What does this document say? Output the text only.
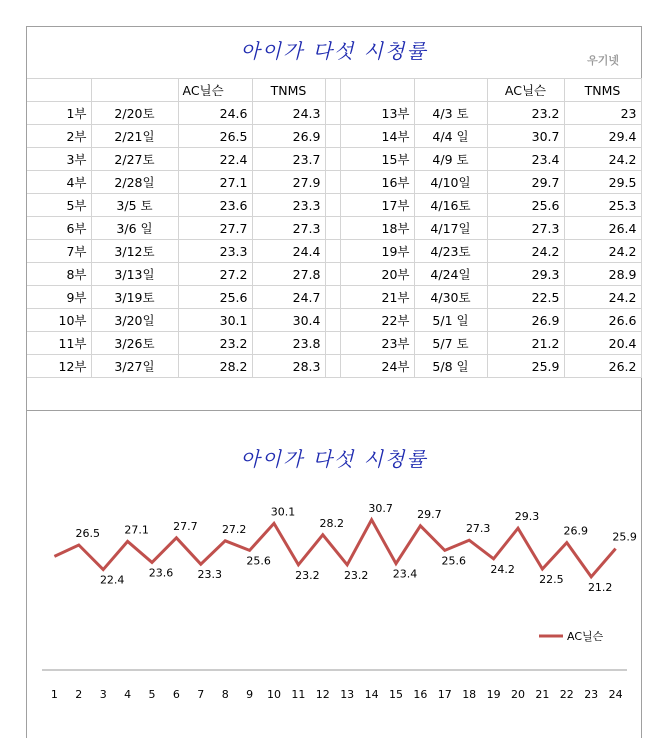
아이가 다섯 시청률	우기넷
		AC닐슨	TNMS				AC닐슨	TNMS
1부	2/20토	24.6	24.3		13부	4/3 토	23.2	23
2부	2/21일	26.5	26.9		14부	4/4 일	30.7	29.4
3부	2/27토	22.4	23.7		15부	4/9 토	23.4	24.2
4부	2/28일	27.1	27.9		16부	4/10일	29.7	29.5
5부	3/5 토	23.6	23.3		17부	4/16토	25.6	25.3
6부	3/6 일	27.7	27.3		18부	4/17일	27.3	26.4
7부	3/12토	23.3	24.4		19부	4/23토	24.2	24.2
8부	3/13일	27.2	27.8		20부	4/24일	29.3	28.9
9부	3/19토	25.6	24.7		21부	4/30토	22.5	24.2
10부	3/20일	30.1	30.4		22부	5/1 일	26.9	26.6
11부	3/26토	23.2	23.8		23부	5/7 토	21.2	20.4
12부	3/27일	28.2	28.3		24부	5/8 일	25.9	26.2
아이가 다섯 시청률
26.5
22.4
27.1
23.6
27.7
23.3
27.2
25.6
30.1
23.2
28.2
23.2
30.7
23.4
29.7
25.6
27.3
24.2
29.3
22.5
26.9
21.2
25.9
1 2 3 4 5 6 7 8 9 10 11 12 13 14 15 16 17 18 19 20 21 22 23 24
AC닐슨
